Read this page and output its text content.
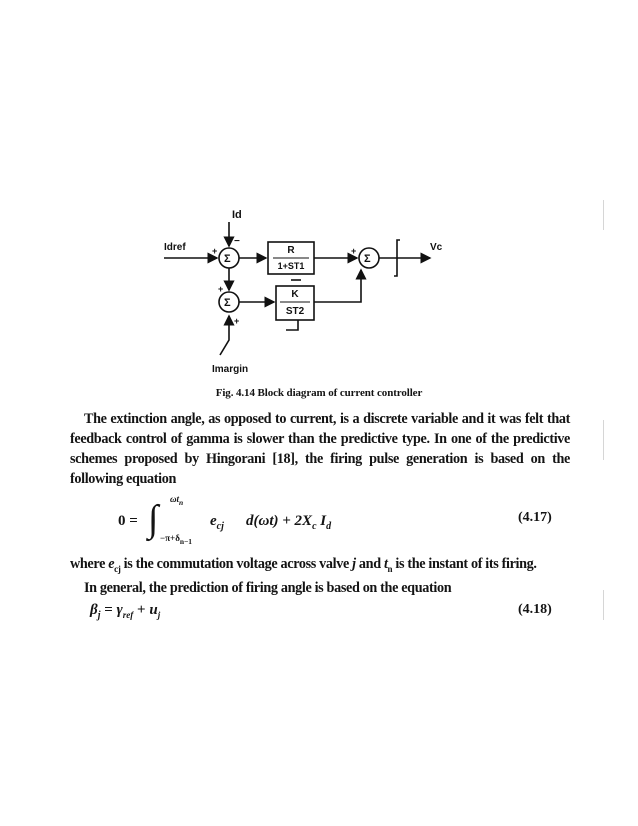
Id
Idref	Vc
Imargin
Σ
Σ
Σ
+
−
+
+
+
R
1+ST1
K
ST2
Fig. 4.14 Block diagram of current controller
The extinction angle, as opposed to current, is a discrete variable and it was felt that
feedback control of gamma is slower than the predictive type. In one of the predictive
schemes proposed by Hingorani [18], the firing pulse generation is based on the
following equation
0 = ∫ $\omega t_n$
$-\pi+\delta_{n-1}$
$e_{cj}$ $d(\omega t) + 2X_c$ $I_d$
(4.17)
where $e_{cj}$ is the commutation voltage across valve j and $t_n$ is the instant of its firing.
In general, the prediction of firing angle is based on the equation
$\beta_j = \gamma_{ref} + u_j$	(4.18)
